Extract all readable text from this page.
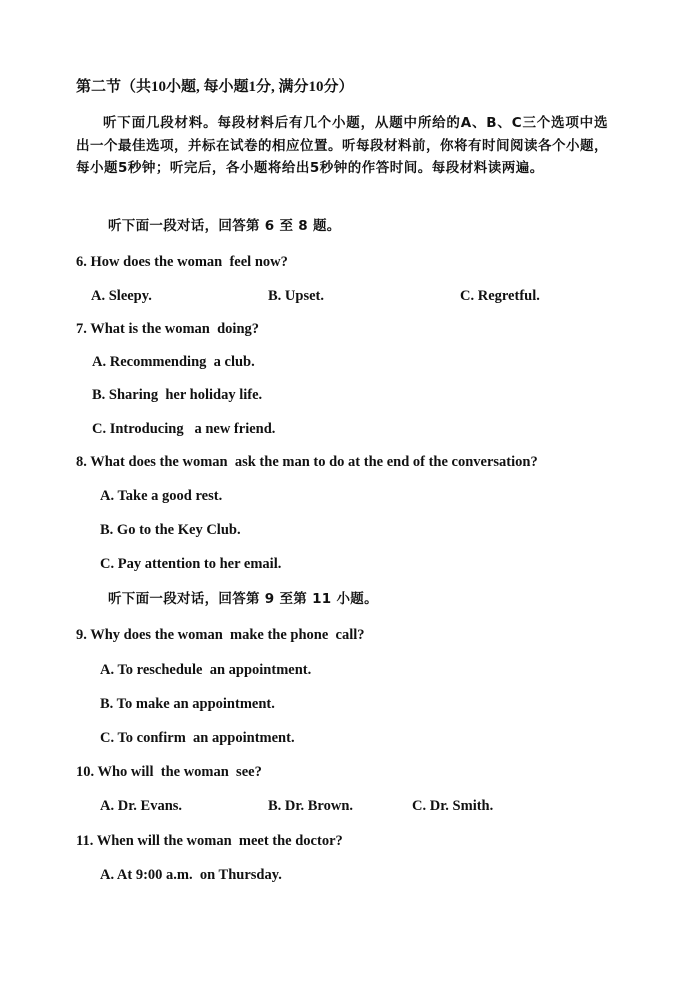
第二节（共10小题, 每小题1分, 满分10分）
听下面几段材料。每段材料后有几个小题，从题中所给的A、B、C三个选项中选出一个最佳选项，并标在试卷的相应位置。听每段材料前，你将有时间阅读各个小题，每小题5秒钟；听完后，各小题将给出5秒钟的作答时间。每段材料读两遍。
听下面一段对话，回答第 6 至 8 题。
6. How does the woman  feel now?
A. Sleepy.	B. Upset.	C. Regretful.
7. What is the woman  doing?
A. Recommending  a club.
B. Sharing  her holiday life.
C. Introducing   a new friend.
8. What does the woman  ask the man to do at the end of the conversation?
A. Take a good rest.
B. Go to the Key Club.
C. Pay attention to her email.
听下面一段对话，回答第 9 至第 11 小题。
9. Why does the woman  make the phone  call?
A. To reschedule  an appointment.
B. To make an appointment.
C. To confirm  an appointment.
10. Who will  the woman  see?
A. Dr. Evans.	B. Dr. Brown.	C. Dr. Smith.
11. When will the woman  meet the doctor?
A. At 9:00 a.m.  on Thursday.
